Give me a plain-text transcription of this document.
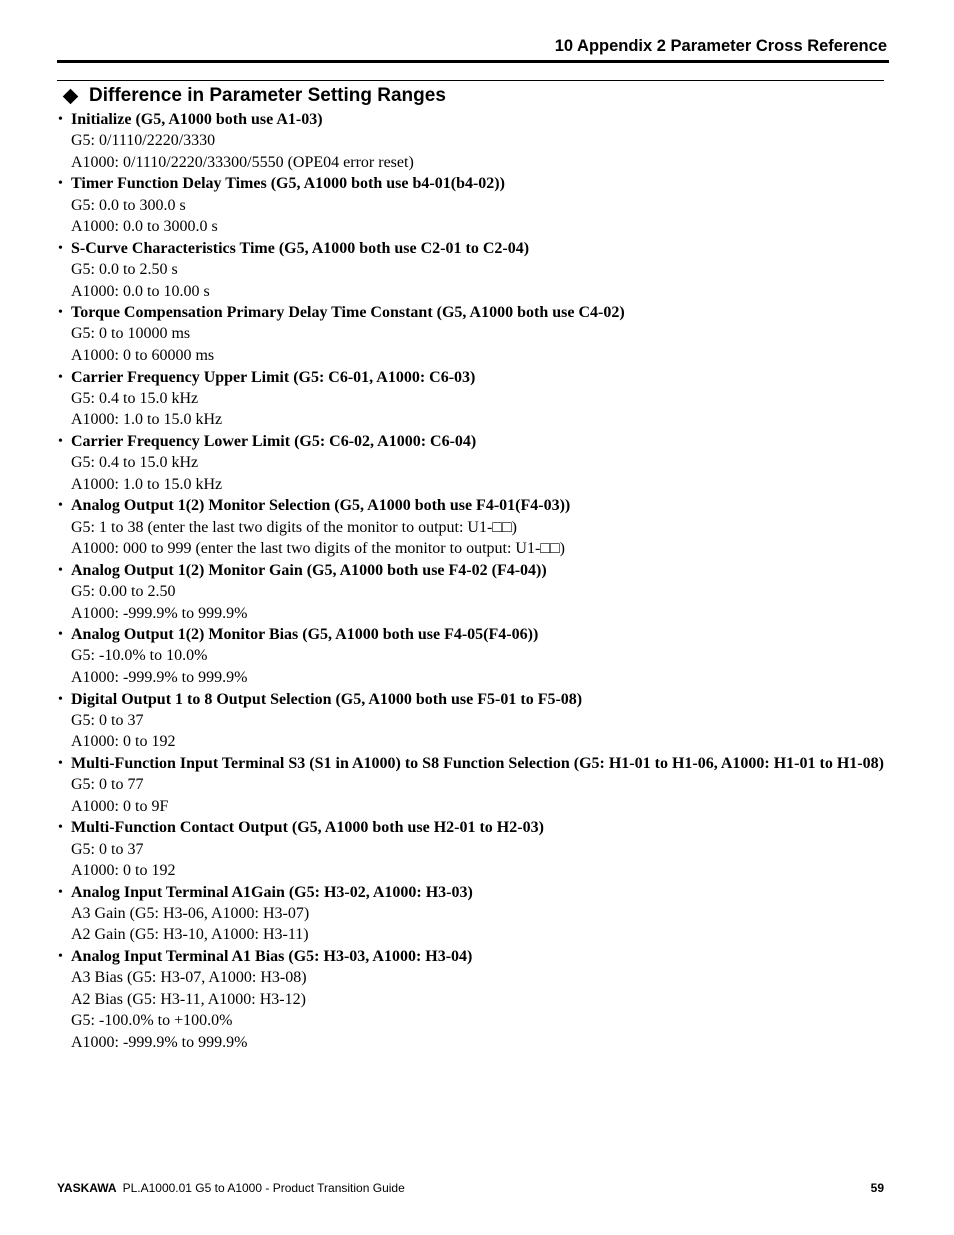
10 Appendix 2 Parameter Cross Reference
Difference in Parameter Setting Ranges
• Initialize (G5, A1000 both use A1-03)
G5: 0/1110/2220/3330
A1000: 0/1110/2220/33300/5550 (OPE04 error reset)
• Timer Function Delay Times (G5, A1000 both use b4-01(b4-02))
G5: 0.0 to 300.0 s
A1000: 0.0 to 3000.0 s
• S-Curve Characteristics Time (G5, A1000 both use C2-01 to C2-04)
G5: 0.0 to 2.50 s
A1000: 0.0 to 10.00 s
• Torque Compensation Primary Delay Time Constant (G5, A1000 both use C4-02)
G5: 0 to 10000 ms
A1000: 0 to 60000 ms
• Carrier Frequency Upper Limit (G5: C6-01, A1000: C6-03)
G5: 0.4 to 15.0 kHz
A1000: 1.0 to 15.0 kHz
• Carrier Frequency Lower Limit (G5: C6-02, A1000: C6-04)
G5: 0.4 to 15.0 kHz
A1000: 1.0 to 15.0 kHz
• Analog Output 1(2) Monitor Selection (G5, A1000 both use F4-01(F4-03))
G5: 1 to 38 (enter the last two digits of the monitor to output: U1-□□)
A1000: 000 to 999 (enter the last two digits of the monitor to output: U1-□□)
• Analog Output 1(2) Monitor Gain (G5, A1000 both use F4-02 (F4-04))
G5: 0.00 to 2.50
A1000: -999.9% to 999.9%
• Analog Output 1(2) Monitor Bias (G5, A1000 both use F4-05(F4-06))
G5: -10.0% to 10.0%
A1000: -999.9% to 999.9%
• Digital Output 1 to 8 Output Selection (G5, A1000 both use F5-01 to F5-08)
G5: 0 to 37
A1000: 0 to 192
• Multi-Function Input Terminal S3 (S1 in A1000) to S8 Function Selection (G5: H1-01 to H1-06, A1000: H1-01 to H1-08)
G5: 0 to 77
A1000: 0 to 9F
• Multi-Function Contact Output (G5, A1000 both use H2-01 to H2-03)
G5: 0 to 37
A1000: 0 to 192
• Analog Input Terminal A1Gain (G5: H3-02, A1000: H3-03)
A3 Gain (G5: H3-06, A1000: H3-07)
A2 Gain (G5: H3-10, A1000: H3-11)
• Analog Input Terminal A1 Bias (G5: H3-03, A1000: H3-04)
A3 Bias (G5: H3-07, A1000: H3-08)
A2 Bias (G5: H3-11, A1000: H3-12)
G5: -100.0% to +100.0%
A1000: -999.9% to 999.9%
YASKAWA PL.A1000.01 G5 to A1000 - Product Transition Guide	59
